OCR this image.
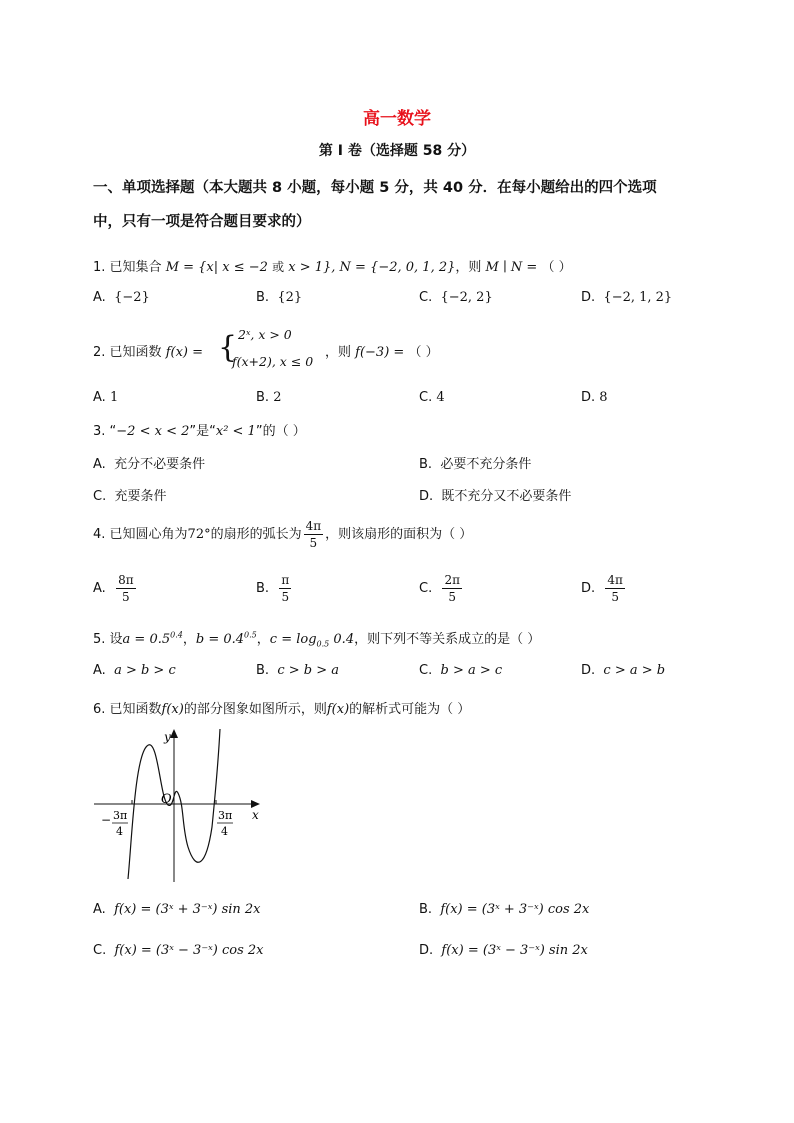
高一数学
第 I 卷（选择题 58 分）
一、单项选择题（本大题共 8 小题，每小题 5 分，共 40 分．在每小题给出的四个选项
中，只有一项是符合题目要求的）
1. 已知集合 M = {x| x ≤ −2 或 x > 1}, N = {−2, 0, 1, 2}，则 M ∣ N = （ ）
A. {−2}	B. {2}	C. {−2, 2}	D. {−2, 1, 2}
2. 已知函数 f(x) = { 2ˣ, x > 0
f(x+2), x ≤ 0
，则 f(−3) = （ ）
A. 1	B. 2	C. 4	D. 8
3. “−2 < x < 2”是“x² < 1”的（ ）
A. 充分不必要条件	B. 必要不充分条件
C. 充要条件	D. 既不充分又不必要条件
4. 已知圆心角为72°的扇形的弧长为 $\frac{4\pi}{5}$ ，则该扇形的面积为（ ）
A. $\frac{8\pi}{5}$	B. $\frac{\pi}{5}$	C. $\frac{2\pi}{5}$	D. $\frac{4\pi}{5}$
5. 设$a = 0.5^{0.4}$，$b = 0.4^{0.5}$，$c = \log_{0.5} 0.4$，则下列不等关系成立的是（ ）
A. a > b > c	B. c > b > a	C. b > a > c	D. c > a > b
6. 已知函数f(x)的部分图象如图所示，则f(x)的解析式可能为（ ）
y
x
O
− 3π
4
3π
4
A. f(x) = (3ˣ + 3⁻ˣ) sin 2x	B. f(x) = (3ˣ + 3⁻ˣ) cos 2x
C. f(x) = (3ˣ − 3⁻ˣ) cos 2x	D. f(x) = (3ˣ − 3⁻ˣ) sin 2x
